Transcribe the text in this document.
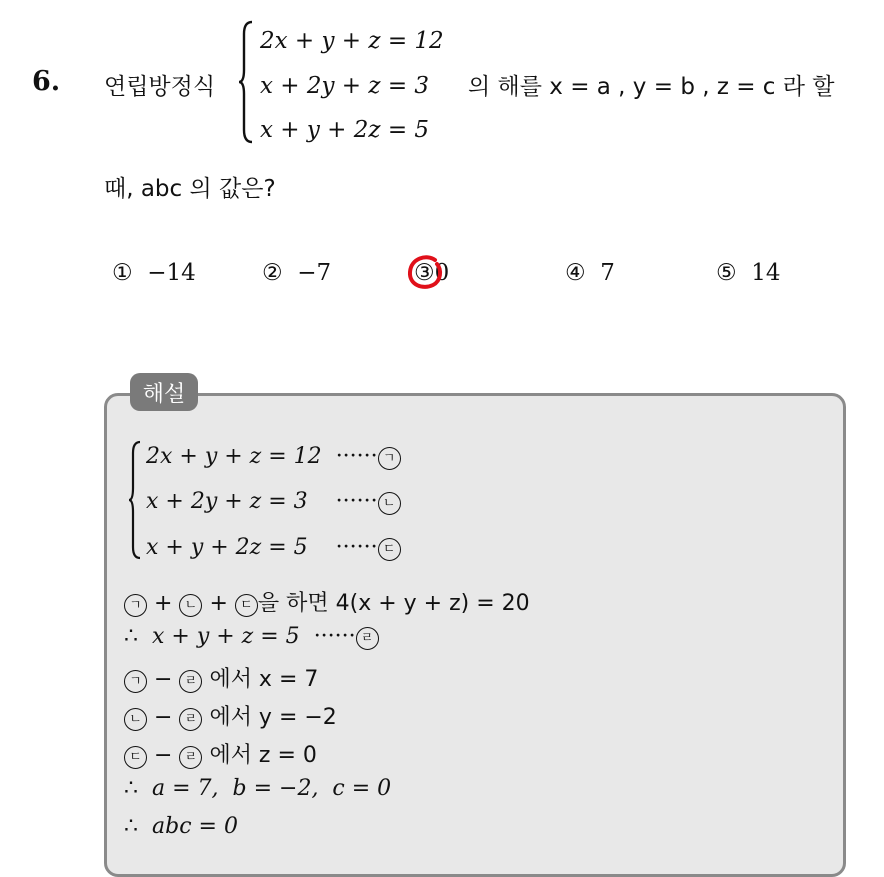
6. 연립방정식
2x + y + z = 12
x + 2y + z = 3
x + y + 2z = 5
의 해를 x = a , y = b , z = c 라 할
때, abc 의 값은?
① −14	② −7	③0	④ 7	⑤ 14
해설
2x + y + z = 12 ······ ㄱ
x + 2y + z = 3 ······ ㄴ
x + y + 2z = 5 ······ ㄷ
ㄱ + ㄴ + ㄷ 을 하면 4(x + y + z) = 20
∴ x + y + z = 5 ······ ㄹ
ㄱ − ㄹ 에서 x = 7
ㄴ − ㄹ 에서 y = −2
ㄷ − ㄹ 에서 z = 0
∴ a = 7,  b = −2,  c = 0
∴ abc = 0
